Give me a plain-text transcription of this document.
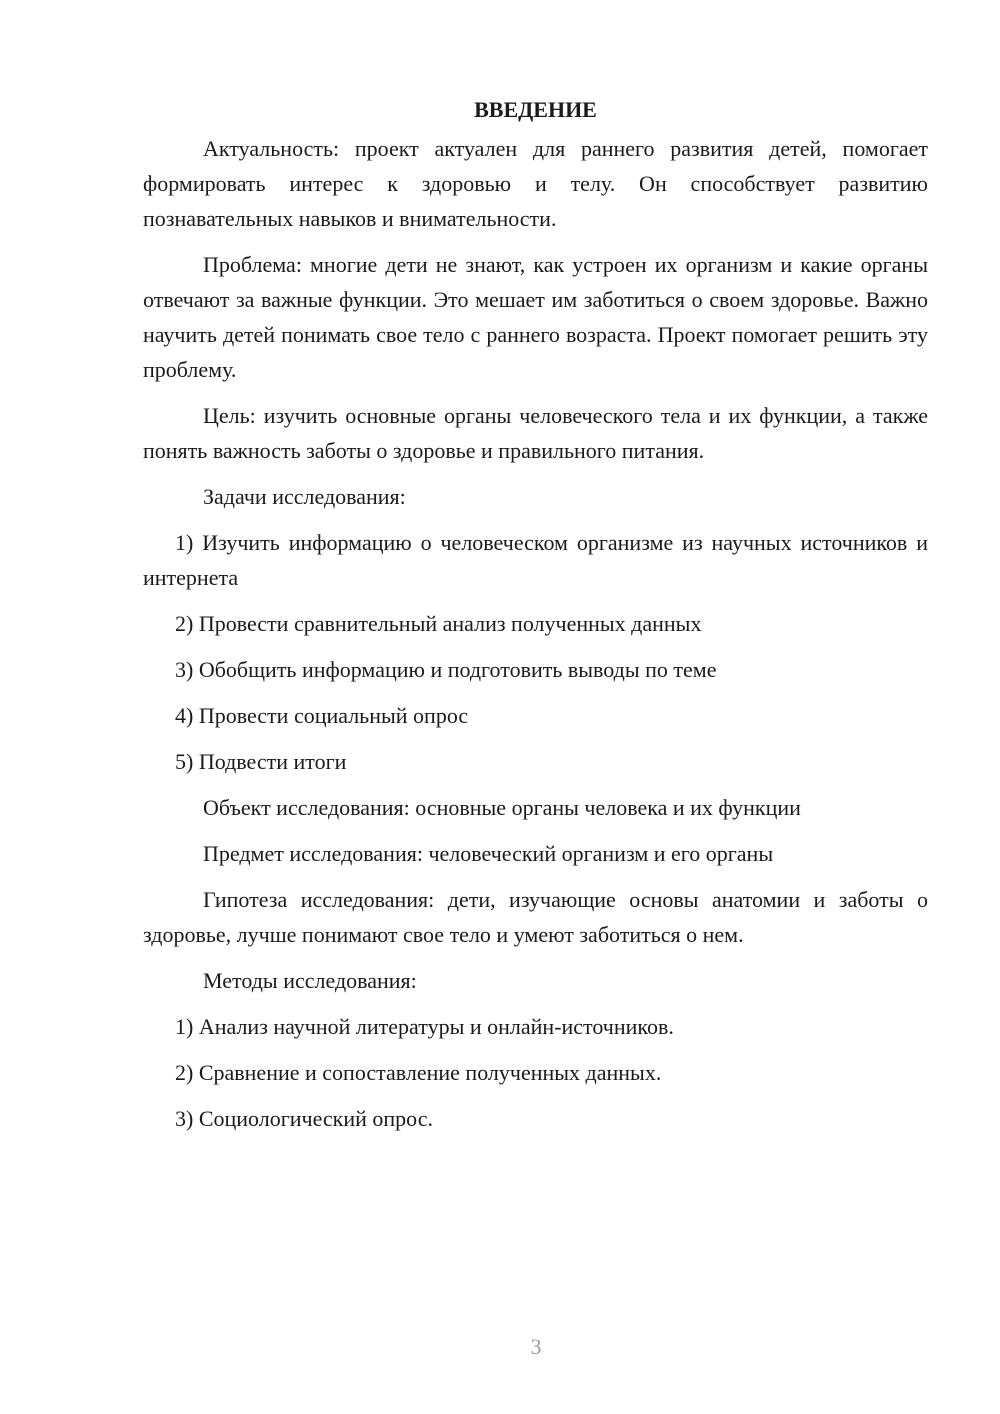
ВВЕДЕНИЕ
Актуальность: проект актуален для раннего развития детей, помогает формировать интерес к здоровью и телу. Он способствует развитию познавательных навыков и внимательности.
Проблема: многие дети не знают, как устроен их организм и какие органы отвечают за важные функции. Это мешает им заботиться о своем здоровье. Важно научить детей понимать свое тело с раннего возраста. Проект помогает решить эту проблему.
Цель: изучить основные органы человеческого тела и их функции, а также понять важность заботы о здоровье и правильного питания.
Задачи исследования:
1) Изучить информацию о человеческом организме из научных источников и интернета
2) Провести сравнительный анализ полученных данных
3) Обобщить информацию и подготовить выводы по теме
4) Провести социальный опрос
5) Подвести итоги
Объект исследования: основные органы человека и их функции
Предмет исследования: человеческий организм и его органы
Гипотеза исследования: дети, изучающие основы анатомии и заботы о здоровье, лучше понимают свое тело и умеют заботиться о нем.
Методы исследования:
1) Анализ научной литературы и онлайн-источников.
2) Сравнение и сопоставление полученных данных.
3) Социологический опрос.
3
